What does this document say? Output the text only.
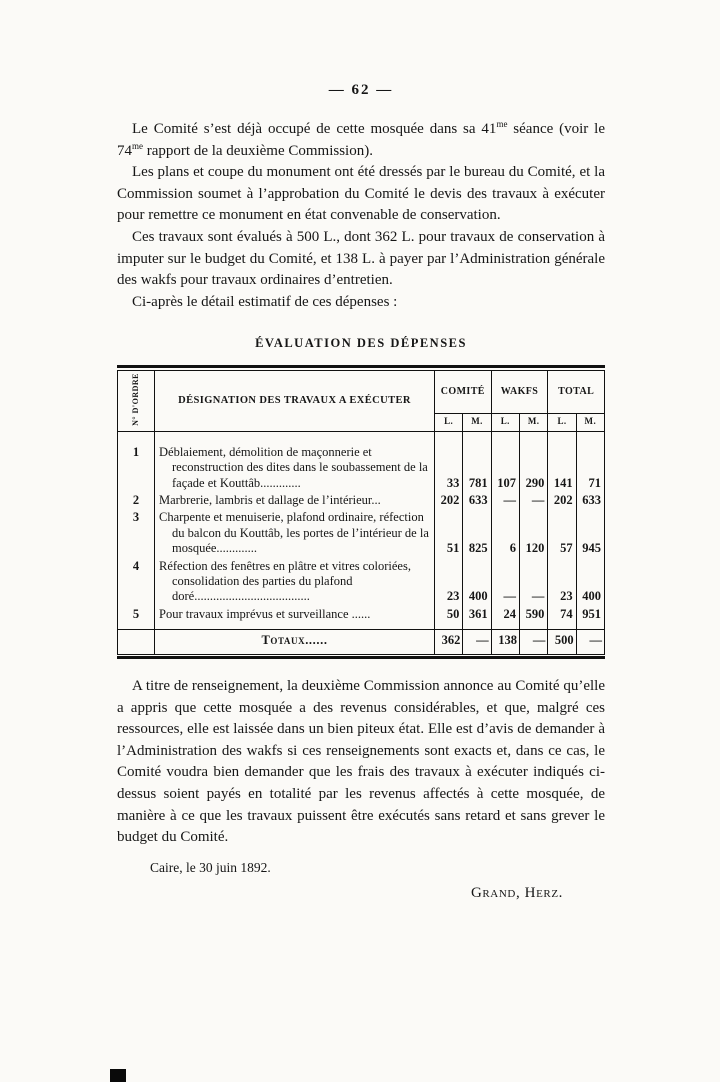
— 62 —

Le Comité s’est déjà occupé de cette mosquée dans sa $41^{me}$ séance (voir le $74^{me}$ rapport de la deuxième Commission).

Les plans et coupe du monument ont été dressés par le bureau du Comité, et la Commission soumet à l’approbation du Comité le devis des travaux à exécuter pour remettre ce monument en état convenable de conservation.

Ces travaux sont évalués à 500 L., dont 362 L. pour travaux de conservation à imputer sur le budget du Comité, et 138 L. à payer par l’Administration générale des wakfs pour travaux ordinaires d’entretien.

Ci-après le détail estimatif de ces dépenses :

ÉVALUATION DES DÉPENSES
N° D'ORDRE	DÉSIGNATION DES TRAVAUX A EXÉCUTER	COMITÉ		WAKFS		TOTAL	
		L.	M.	L.	M.	L.	M.
1	Déblaiement, démolition de maçonnerie et reconstruction des dites dans le soubassement de la façade et Kouttâb.............	33	781	107	290	141	71
2	Marbrerie, lambris et dallage de l’intérieur...	202	633	—	—	202	633
3	Charpente et menuiserie, plafond ordinaire, réfection du balcon du Kouttâb, les portes de l’intérieur de la mosquée.............	51	825	6	120	57	945
4	Réfection des fenêtres en plâtre et vitres coloriées, consolidation des parties du plafond doré.....................................	23	400	—	—	23	400
5	Pour travaux imprévus et surveillance ......	50	361	24	590	74	951
	Totaux......	362	—	138	—	500	—

A titre de renseignement, la deuxième Commission annonce au Comité qu’elle a appris que cette mosquée a des revenus considérables, et que, malgré ces ressources, elle est laissée dans un bien piteux état. Elle est d’avis de demander à l’Administration des wakfs si ces renseignements sont exacts et, dans ce cas, le Comité voudra bien demander que les frais des travaux à exécuter indiqués ci-dessus soient payés en totalité par les revenus affectés à cette mosquée, de manière à ce que les travaux puissent être exécutés sans retard et sans grever le budget du Comité.

Caire, le 30 juin 1892.
Grand, Herz.
